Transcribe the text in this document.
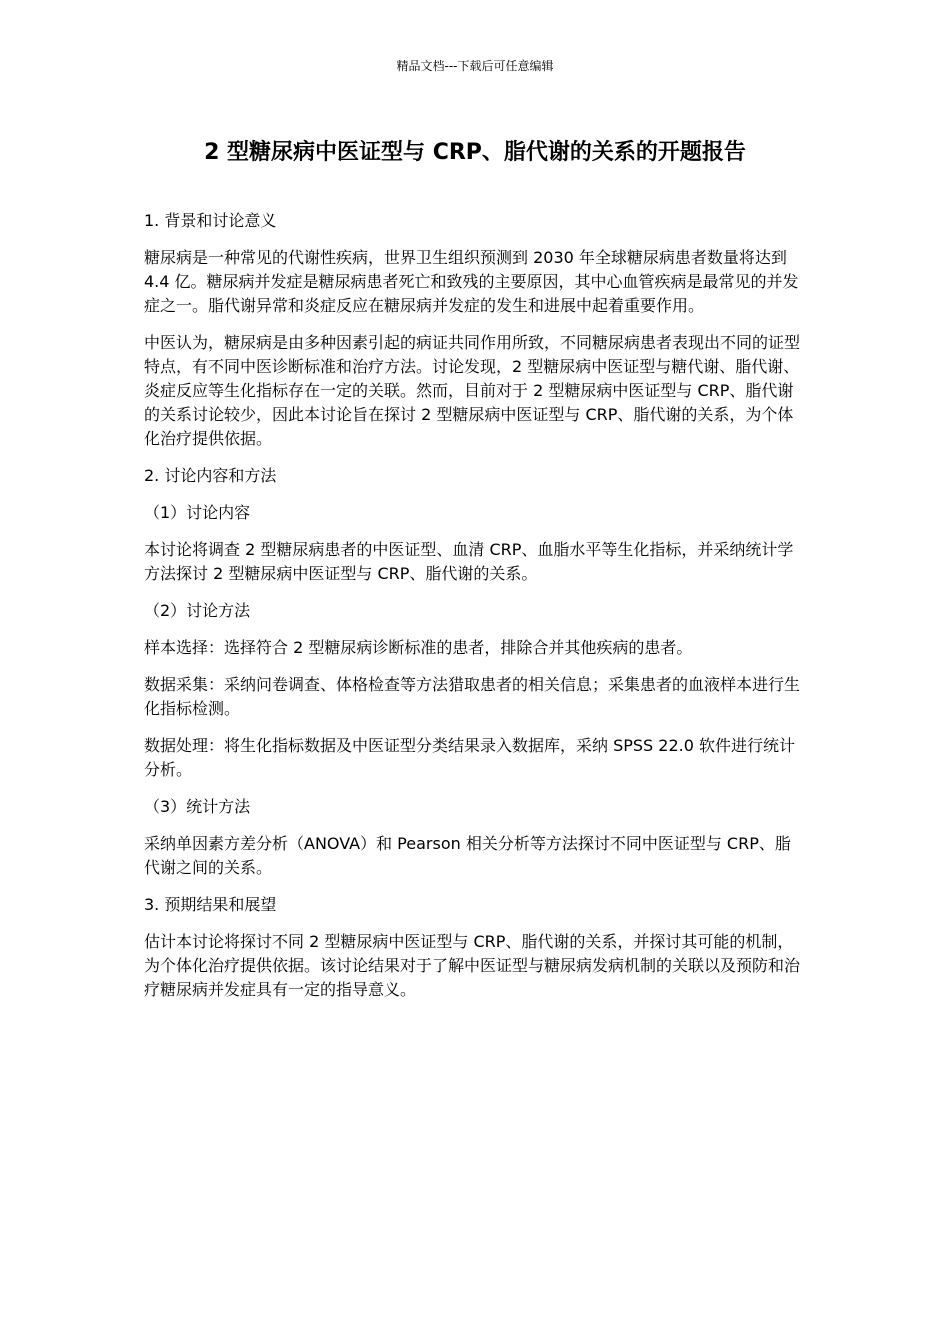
精品文档---下载后可任意编辑
2 型糖尿病中医证型与 CRP、脂代谢的关系的开题报告

1. 背景和讨论意义

糖尿病是一种常见的代谢性疾病，世界卫生组织预测到 2030 年全球糖尿病患者数量将达到 4.4 亿。糖尿病并发症是糖尿病患者死亡和致残的主要原因，其中心血管疾病是最常见的并发症之一。脂代谢异常和炎症反应在糖尿病并发症的发生和进展中起着重要作用。

中医认为，糖尿病是由多种因素引起的病证共同作用所致，不同糖尿病患者表现出不同的证型特点，有不同中医诊断标准和治疗方法。讨论发现，2 型糖尿病中医证型与糖代谢、脂代谢、炎症反应等生化指标存在一定的关联。然而，目前对于 2 型糖尿病中医证型与 CRP、脂代谢的关系讨论较少，因此本讨论旨在探讨 2 型糖尿病中医证型与 CRP、脂代谢的关系，为个体化治疗提供依据。

2. 讨论内容和方法

（1）讨论内容

本讨论将调查 2 型糖尿病患者的中医证型、血清 CRP、血脂水平等生化指标，并采纳统计学方法探讨 2 型糖尿病中医证型与 CRP、脂代谢的关系。

（2）讨论方法

样本选择：选择符合 2 型糖尿病诊断标准的患者，排除合并其他疾病的患者。

数据采集：采纳问卷调查、体格检查等方法猎取患者的相关信息；采集患者的血液样本进行生化指标检测。

数据处理：将生化指标数据及中医证型分类结果录入数据库，采纳 SPSS 22.0 软件进行统计分析。

（3）统计方法

采纳单因素方差分析（ANOVA）和 Pearson 相关分析等方法探讨不同中医证型与 CRP、脂代谢之间的关系。

3. 预期结果和展望

估计本讨论将探讨不同 2 型糖尿病中医证型与 CRP、脂代谢的关系，并探讨其可能的机制，为个体化治疗提供依据。该讨论结果对于了解中医证型与糖尿病发病机制的关联以及预防和治疗糖尿病并发症具有一定的指导意义。
